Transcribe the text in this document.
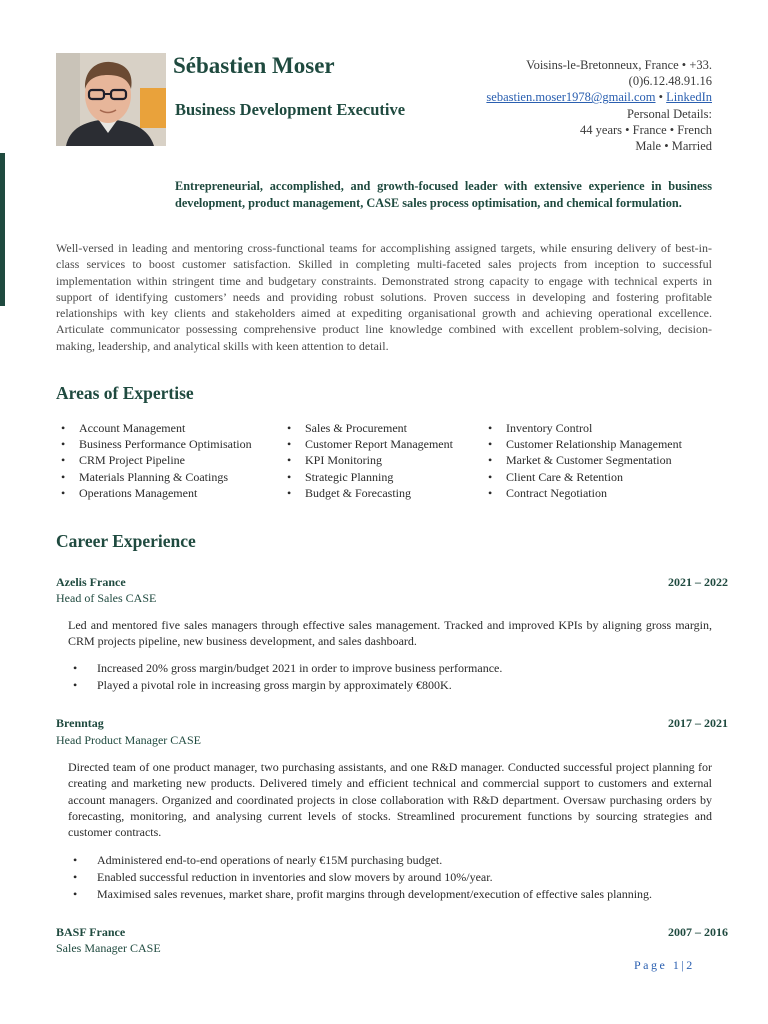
Sébastien Moser
Business Development Executive
Voisins-le-Bretonneux, France • +33.
(0)6.12.48.91.16
sebastien.moser1978@gmail.com • LinkedIn
Personal Details:
44 years • France • French
Male • Married
Entrepreneurial, accomplished, and growth-focused leader with extensive experience in business development, product management, CASE sales process optimisation, and chemical formulation.
Well-versed in leading and mentoring cross-functional teams for accomplishing assigned targets, while ensuring delivery of best-in-class services to boost customer satisfaction. Skilled in completing multi-faceted sales projects from inception to successful implementation within stringent time and budgetary constraints. Demonstrated strong capacity to engage with technical experts in support of identifying customers’ needs and providing robust solutions. Proven success in developing and fostering profitable relationships with key clients and stakeholders aimed at expediting organisational growth and achieving operational excellence. Articulate communicator possessing comprehensive product line knowledge combined with excellent problem-solving, decision-making, leadership, and analytical skills with keen attention to detail.
Areas of Expertise
• Account Management
• Business Performance Optimisation
• CRM Project Pipeline
• Materials Planning & Coatings
• Operations Management
• Sales & Procurement
• Customer Report Management
• KPI Monitoring
• Strategic Planning
• Budget & Forecasting
• Inventory Control
• Customer Relationship Management
• Market & Customer Segmentation
• Client Care & Retention
• Contract Negotiation
Career Experience
Azelis France	2021 – 2022
Head of Sales CASE
Led and mentored five sales managers through effective sales management. Tracked and improved KPIs by aligning gross margin, CRM projects pipeline, new business development, and sales dashboard.
• Increased 20% gross margin/budget 2021 in order to improve business performance.
• Played a pivotal role in increasing gross margin by approximately €800K.
Brenntag	2017 – 2021
Head Product Manager CASE
Directed team of one product manager, two purchasing assistants, and one R&D manager. Conducted successful project planning for creating and marketing new products. Delivered timely and efficient technical and commercial support to customers and external account managers. Organized and coordinated projects in close collaboration with R&D department. Oversaw purchasing orders by forecasting, monitoring, and analysing current levels of stocks. Streamlined procurement functions by sourcing strategies and customer contracts.
• Administered end-to-end operations of nearly €15M purchasing budget.
• Enabled successful reduction in inventories and slow movers by around 10%/year.
• Maximised sales revenues, market share, profit margins through development/execution of effective sales planning.
BASF France	2007 – 2016
Sales Manager CASE
Page 1|2
